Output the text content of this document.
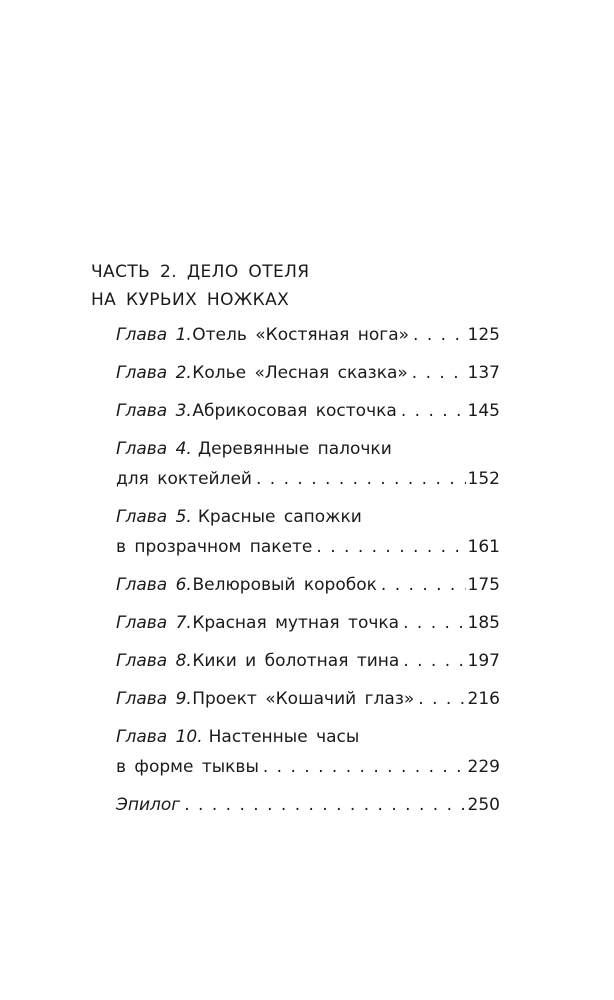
ЧАСТЬ 2. ДЕЛО ОТЕЛЯ
НА КУРЬИХ НОЖКАХ
Глава 1. Отель «Костяная нога» . . .	125
Глава 2. Колье «Лесная сказка» . . .	137
Глава 3. Абрикосовая косточка . . .	145
Глава 4. Деревянные палочки
для коктейлей . . .	152
Глава 5. Красные сапожки
в прозрачном пакете . . .	161
Глава 6. Велюровый коробок . . .	175
Глава 7. Красная мутная точка . . .	185
Глава 8. Кики и болотная тина . . .	197
Глава 9. Проект «Кошачий глаз» . . .	216
Глава 10. Настенные часы
в форме тыквы . . .	229
Эпилог . . .	250
